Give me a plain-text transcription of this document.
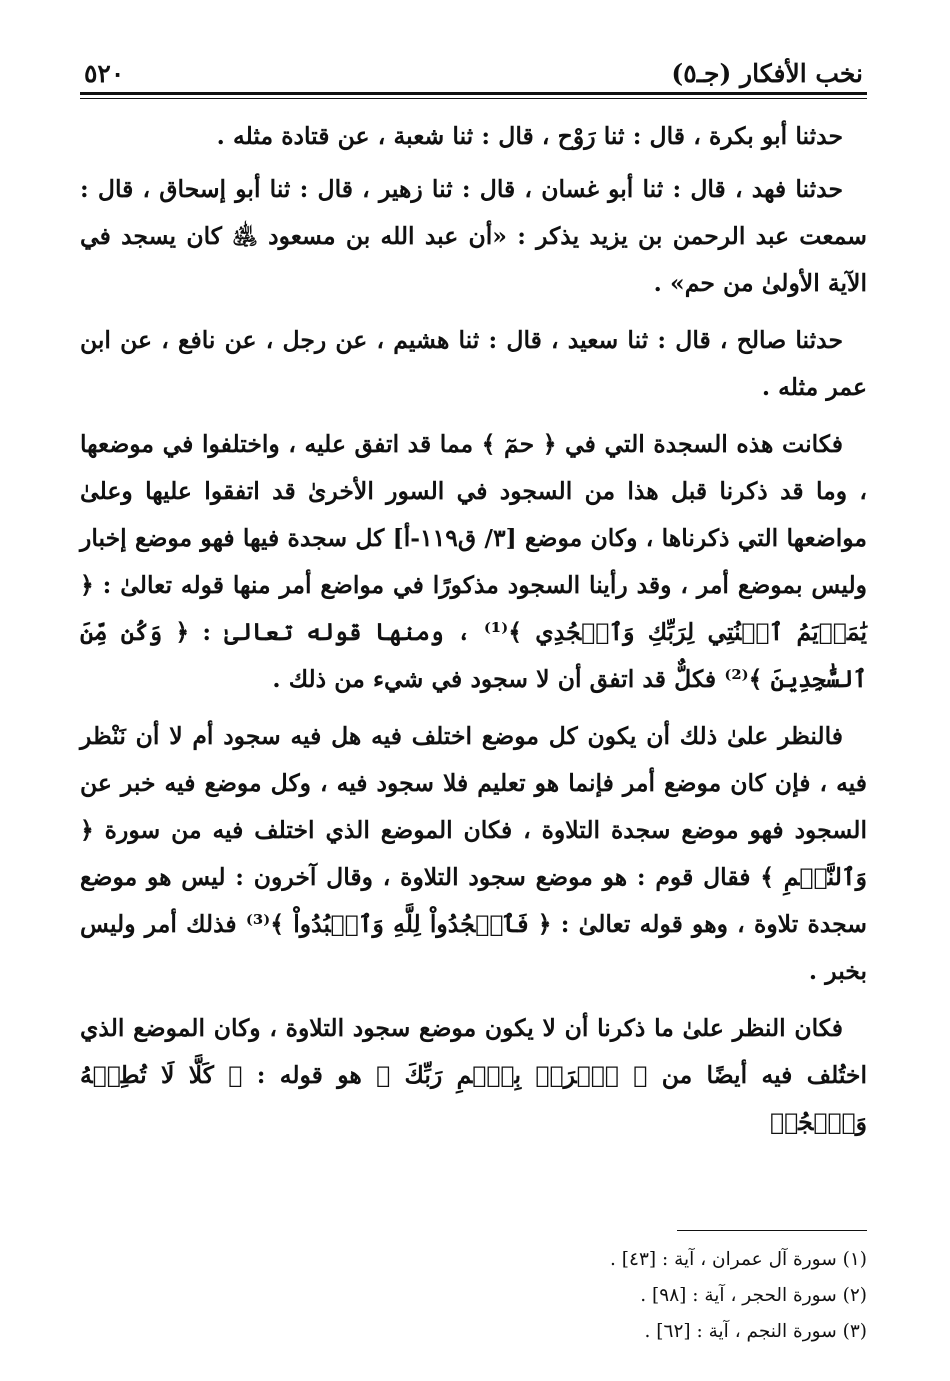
نخب الأفكار (جـ٥)
٥٢٠

حدثنا أبو بكرة ، قال : ثنا رَوْح ، قال : ثنا شعبة ، عن قتادة مثله .

حدثنا فهد ، قال : ثنا أبو غسان ، قال : ثنا زهير ، قال : ثنا أبو إسحاق ، قال : سمعت عبد الرحمن بن يزيد يذكر : «أن عبد الله بن مسعود ﵁ كان يسجد في الآية الأولىٰ من حم» .

حدثنا صالح ، قال : ثنا سعيد ، قال : ثنا هشيم ، عن رجل ، عن نافع ، عن ابن عمر مثله .

فكانت هذه السجدة التي في ﴿ حمٓ ﴾ مما قد اتفق عليه ، واختلفوا في موضعها ، وما قد ذكرنا قبل هذا من السجود في السور الأخرىٰ قد اتفقوا عليها وعلىٰ مواضعها التي ذكرناها ، وكان موضع [٣/ ق١١٩-أ] كل سجدة فيها فهو موضع إخبار وليس بموضع أمر ، وقد رأينا السجود مذكورًا في مواضع أمر منها قوله تعالىٰ : ﴿ يَٰمَرۡيَمُ ٱقۡنُتِي لِرَبِّكِ وَٱسۡجُدِي ﴾⁽¹⁾ ، ومنها قوله تعالىٰ : ﴿ وَكُن مِّنَ ٱلسَّٰجِدِينَ ﴾⁽²⁾ فكلٌّ قد اتفق أن لا سجود في شيء من ذلك .

فالنظر علىٰ ذلك أن يكون كل موضع اختلف فيه هل فيه سجود أم لا أن نَنْظر فيه ، فإن كان موضع أمر فإنما هو تعليم فلا سجود فيه ، وكل موضع فيه خبر عن السجود فهو موضع سجدة التلاوة ، فكان الموضع الذي اختلف فيه من سورة ﴿ وَٱلنَّجۡمِ ﴾ فقال قوم : هو موضع سجود التلاوة ، وقال آخرون : ليس هو موضع سجدة تلاوة ، وهو قوله تعالىٰ : ﴿ فَٱسۡجُدُواْ لِلَّهِ وَٱعۡبُدُواْ ﴾⁽³⁾ فذلك أمر وليس بخبر .

فكان النظر علىٰ ما ذكرنا أن لا يكون موضع سجود التلاوة ، وكان الموضع الذي اختُلف فيه أيضًا من ﴿ ٱقۡرَأۡ بِٱسۡمِ رَبِّكَ ﴾ هو قوله : ﴿ كَلَّا لَا تُطِعۡهُ وَٱسۡجُدۡ

(١) سورة آل عمران ، آية : [٤٣] .
(٢) سورة الحجر ، آية : [٩٨] .
(٣) سورة النجم ، آية : [٦٢] .
